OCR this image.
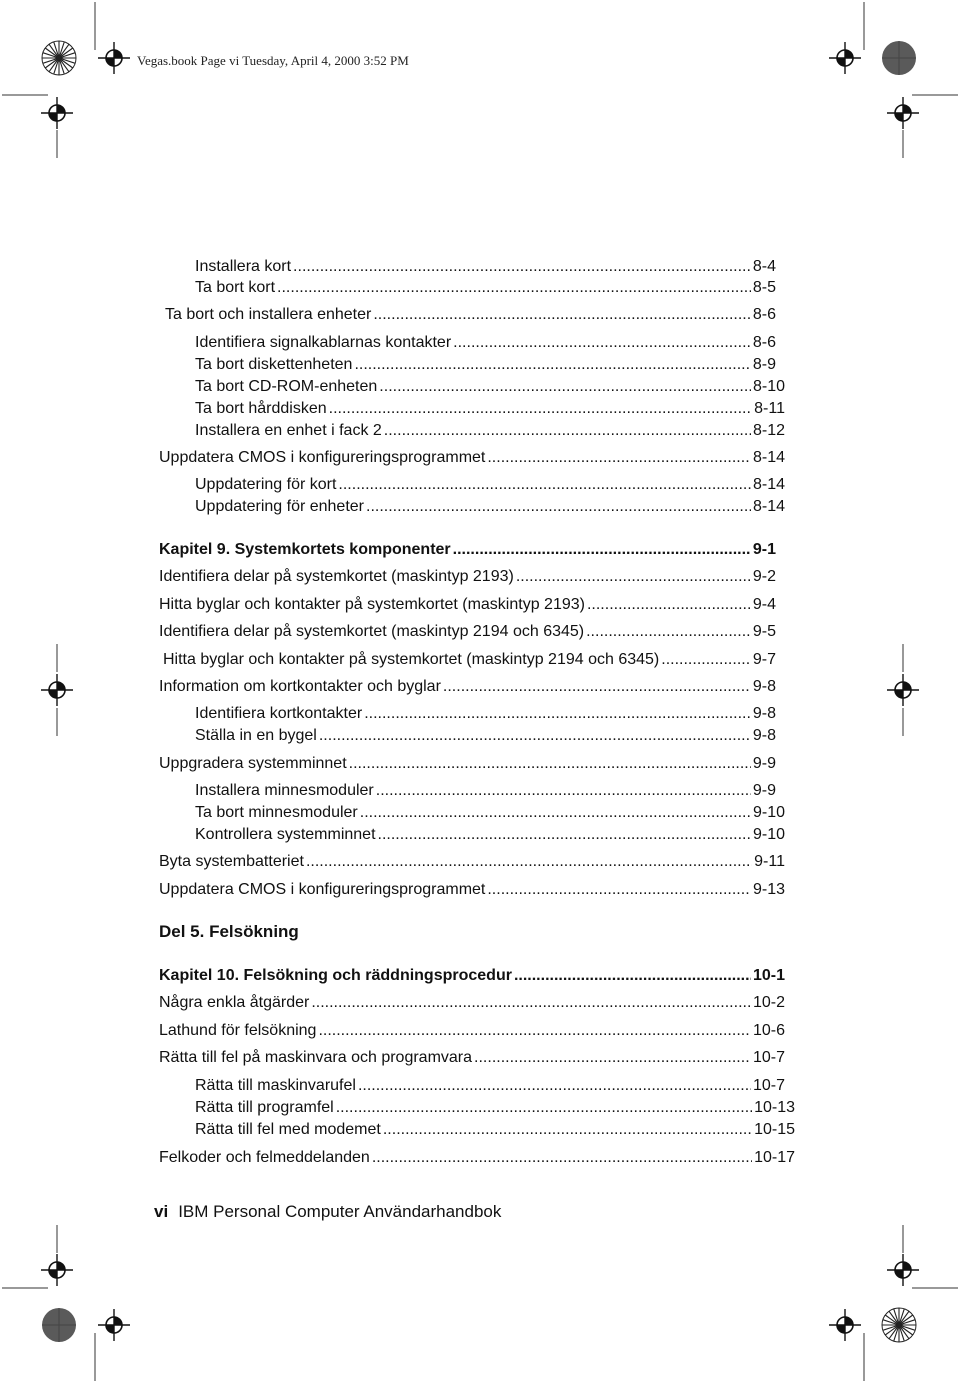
Vegas.book Page vi Tuesday, April 4, 2000 3:52 PM
Installera kort .....	8-4
Ta bort kort .....	8-5
Ta bort och installera enheter .....	8-6
Identifiera signalkablarnas kontakter .....	8-6
Ta bort diskettenheten .....	8-9
Ta bort CD-ROM-enheten .....	8-10
Ta bort hårddisken .....	8-11
Installera en enhet i fack 2 .....	8-12
Uppdatera CMOS i konfigureringsprogrammet .....	8-14
Uppdatering för kort .....	8-14
Uppdatering för enheter .....	8-14
Kapitel 9. Systemkortets komponenter .....	9-1
Identifiera delar på systemkortet (maskintyp 2193) .....	9-2
Hitta byglar och kontakter på systemkortet (maskintyp 2193) .....	9-4
Identifiera delar på systemkortet (maskintyp 2194 och 6345) .....	9-5
Hitta byglar och kontakter på systemkortet (maskintyp 2194 och 6345) .....	9-7
Information om kortkontakter och byglar .....	9-8
Identifiera kortkontakter .....	9-8
Ställa in en bygel .....	9-8
Uppgradera systemminnet .....	9-9
Installera minnesmoduler .....	9-9
Ta bort minnesmoduler .....	9-10
Kontrollera systemminnet .....	9-10
Byta systembatteriet .....	9-11
Uppdatera CMOS i konfigureringsprogrammet .....	9-13
Del 5. Felsökning
Kapitel 10. Felsökning och räddningsprocedur .....	10-1
Några enkla åtgärder .....	10-2
Lathund för felsökning .....	10-6
Rätta till fel på maskinvara och programvara .....	10-7
Rätta till maskinvarufel .....	10-7
Rätta till programfel .....	10-13
Rätta till fel med modemet .....	10-15
Felkoder och felmeddelanden .....	10-17
vi IBM Personal Computer Användarhandbok
